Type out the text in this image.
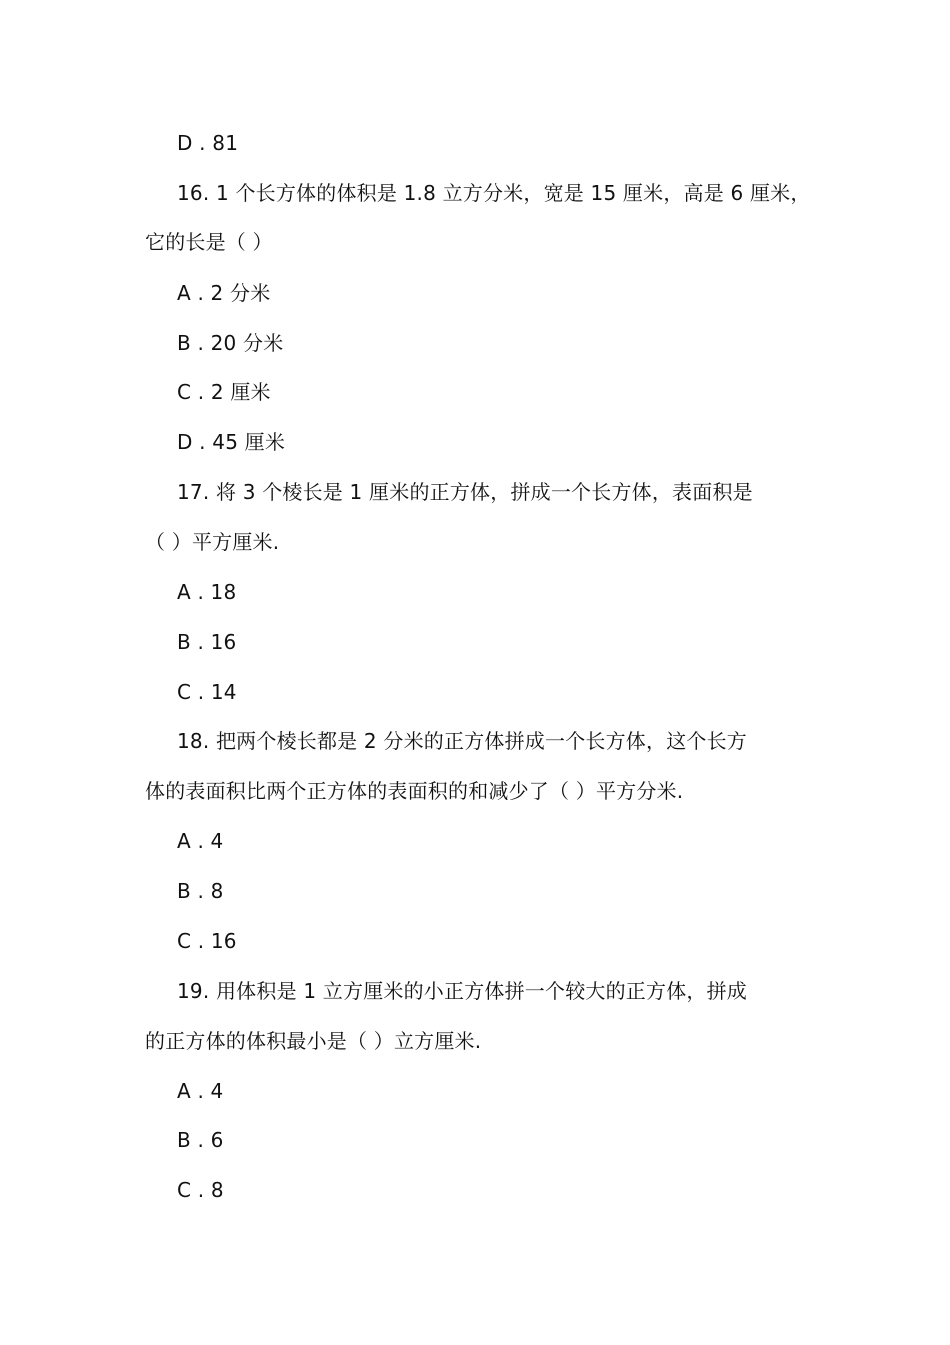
D . 81
16. 1 个长方体的体积是 1.8 立方分米，宽是 15 厘米，高是 6 厘米，
它的长是（ ）
A . 2 分米
B . 20 分米
C . 2 厘米
D . 45 厘米
17. 将 3 个棱长是 1 厘米的正方体，拼成一个长方体，表面积是
（ ）平方厘米.
A . 18
B . 16
C . 14
18. 把两个棱长都是 2 分米的正方体拼成一个长方体，这个长方
体的表面积比两个正方体的表面积的和减少了（ ）平方分米.
A . 4
B . 8
C . 16
19. 用体积是 1 立方厘米的小正方体拼一个较大的正方体，拼成
的正方体的体积最小是（ ）立方厘米.
A . 4
B . 6
C . 8
